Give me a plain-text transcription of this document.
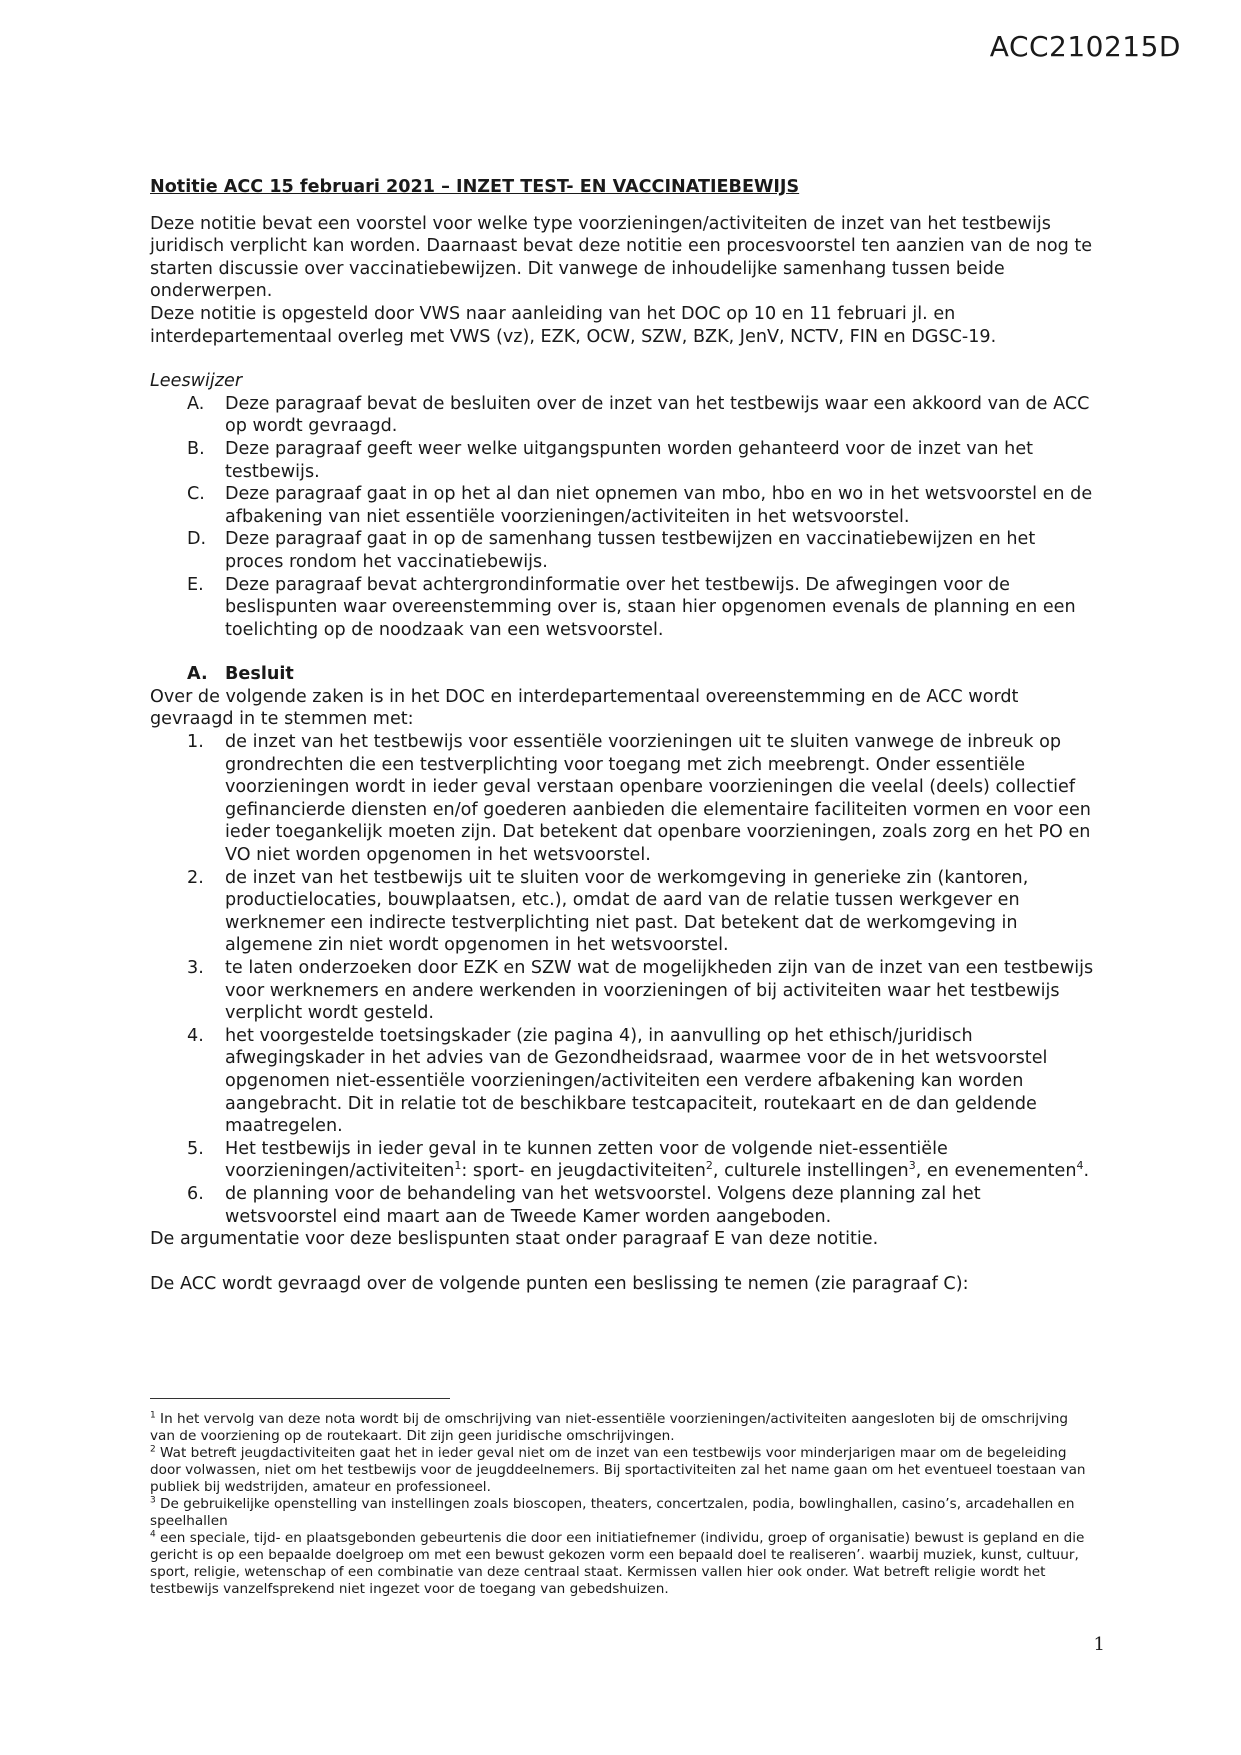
ACC210215D

Notitie ACC 15 februari 2021 – INZET TEST- EN VACCINATIEBEWIJS

Deze notitie bevat een voorstel voor welke type voorzieningen/activiteiten de inzet van het testbewijs juridisch verplicht kan worden. Daarnaast bevat deze notitie een procesvoorstel ten aanzien van de nog te starten discussie over vaccinatiebewijzen. Dit vanwege de inhoudelijke samenhang tussen beide onderwerpen.

Deze notitie is opgesteld door VWS naar aanleiding van het DOC op 10 en 11 februari jl. en interdepartementaal overleg met VWS (vz), EZK, OCW, SZW, BZK, JenV, NCTV, FIN en DGSC-19.

Leeswijzer

A. Deze paragraaf bevat de besluiten over de inzet van het testbewijs waar een akkoord van de ACC op wordt gevraagd.
B. Deze paragraaf geeft weer welke uitgangspunten worden gehanteerd voor de inzet van het testbewijs.
C. Deze paragraaf gaat in op het al dan niet opnemen van mbo, hbo en wo in het wetsvoorstel en de afbakening van niet essentiële voorzieningen/activiteiten in het wetsvoorstel.
D. Deze paragraaf gaat in op de samenhang tussen testbewijzen en vaccinatiebewijzen en het proces rondom het vaccinatiebewijs.
E. Deze paragraaf bevat achtergrondinformatie over het testbewijs. De afwegingen voor de beslispunten waar overeenstemming over is, staan hier opgenomen evenals de planning en een toelichting op de noodzaak van een wetsvoorstel.
A. Besluit

Over de volgende zaken is in het DOC en interdepartementaal overeenstemming en de ACC wordt gevraagd in te stemmen met:

1. de inzet van het testbewijs voor essentiële voorzieningen uit te sluiten vanwege de inbreuk op grondrechten die een testverplichting voor toegang met zich meebrengt. Onder essentiële voorzieningen wordt in ieder geval verstaan openbare voorzieningen die veelal (deels) collectief gefinancierde diensten en/of goederen aanbieden die elementaire faciliteiten vormen en voor een ieder toegankelijk moeten zijn. Dat betekent dat openbare voorzieningen, zoals zorg en het PO en VO niet worden opgenomen in het wetsvoorstel.
2. de inzet van het testbewijs uit te sluiten voor de werkomgeving in generieke zin (kantoren, productielocaties, bouwplaatsen, etc.), omdat de aard van de relatie tussen werkgever en werknemer een indirecte testverplichting niet past. Dat betekent dat de werkomgeving in algemene zin niet wordt opgenomen in het wetsvoorstel.
3. te laten onderzoeken door EZK en SZW wat de mogelijkheden zijn van de inzet van een testbewijs voor werknemers en andere werkenden in voorzieningen of bij activiteiten waar het testbewijs verplicht wordt gesteld.
4. het voorgestelde toetsingskader (zie pagina 4), in aanvulling op het ethisch/juridisch afwegingskader in het advies van de Gezondheidsraad, waarmee voor de in het wetsvoorstel opgenomen niet-essentiële voorzieningen/activiteiten een verdere afbakening kan worden aangebracht. Dit in relatie tot de beschikbare testcapaciteit, routekaart en de dan geldende maatregelen.
5. Het testbewijs in ieder geval in te kunnen zetten voor de volgende niet-essentiële voorzieningen/activiteiten$^1$: sport- en jeugdactiviteiten$^2$, culturele instellingen$^3$, en evenementen$^4$.
6. de planning voor de behandeling van het wetsvoorstel. Volgens deze planning zal het wetsvoorstel eind maart aan de Tweede Kamer worden aangeboden.

De argumentatie voor deze beslispunten staat onder paragraaf E van deze notitie.

De ACC wordt gevraagd over de volgende punten een beslissing te nemen (zie paragraaf C):

$^1$ In het vervolg van deze nota wordt bij de omschrijving van niet-essentiële voorzieningen/activiteiten aangesloten bij de omschrijving van de voorziening op de routekaart. Dit zijn geen juridische omschrijvingen.
$^2$ Wat betreft jeugdactiviteiten gaat het in ieder geval niet om de inzet van een testbewijs voor minderjarigen maar om de begeleiding door volwassen, niet om het testbewijs voor de jeugddeelnemers. Bij sportactiviteiten zal het name gaan om het eventueel toestaan van publiek bij wedstrijden, amateur en professioneel.
$^3$ De gebruikelijke openstelling van instellingen zoals bioscopen, theaters, concertzalen, podia, bowlinghallen, casino’s, arcadehallen en speelhallen
$^4$ een speciale, tijd- en plaatsgebonden gebeurtenis die door een initiatiefnemer (individu, groep of organisatie) bewust is gepland en die gericht is op een bepaalde doelgroep om met een bewust gekozen vorm een bepaald doel te realiseren’. waarbij muziek, kunst, cultuur, sport, religie, wetenschap of een combinatie van deze centraal staat. Kermissen vallen hier ook onder. Wat betreft religie wordt het testbewijs vanzelfsprekend niet ingezet voor de toegang van gebedshuizen.
1
